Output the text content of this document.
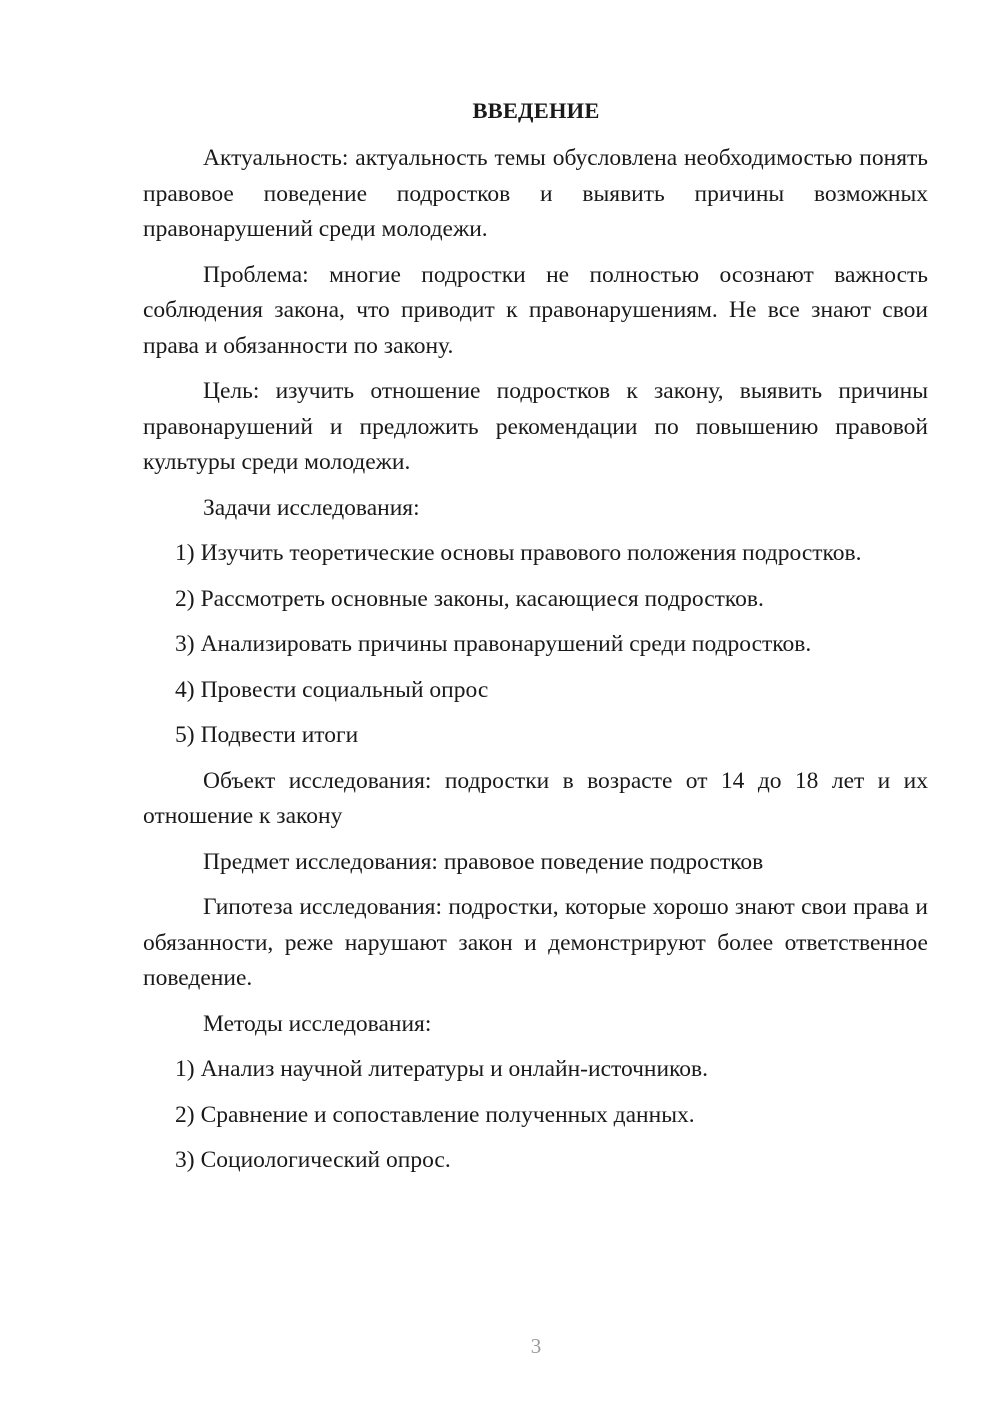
ВВЕДЕНИЕ

Актуальность: актуальность темы обусловлена необходимостью понять правовое поведение подростков и выявить причины возможных правонарушений среди молодежи.

Проблема: многие подростки не полностью осознают важность соблюдения закона, что приводит к правонарушениям. Не все знают свои права и обязанности по закону.

Цель: изучить отношение подростков к закону, выявить причины правонарушений и предложить рекомендации по повышению правовой культуры среди молодежи.

Задачи исследования:

1) Изучить теоретические основы правового положения подростков.
2) Рассмотреть основные законы, касающиеся подростков.
3) Анализировать причины правонарушений среди подростков.
4) Провести социальный опрос
5) Подвести итоги

Объект исследования: подростки в возрасте от 14 до 18 лет и их отношение к закону

Предмет исследования: правовое поведение подростков

Гипотеза исследования: подростки, которые хорошо знают свои права и обязанности, реже нарушают закон и демонстрируют более ответственное поведение.

Методы исследования:

1) Анализ научной литературы и онлайн-источников.
2) Сравнение и сопоставление полученных данных.
3) Социологический опрос.
3
